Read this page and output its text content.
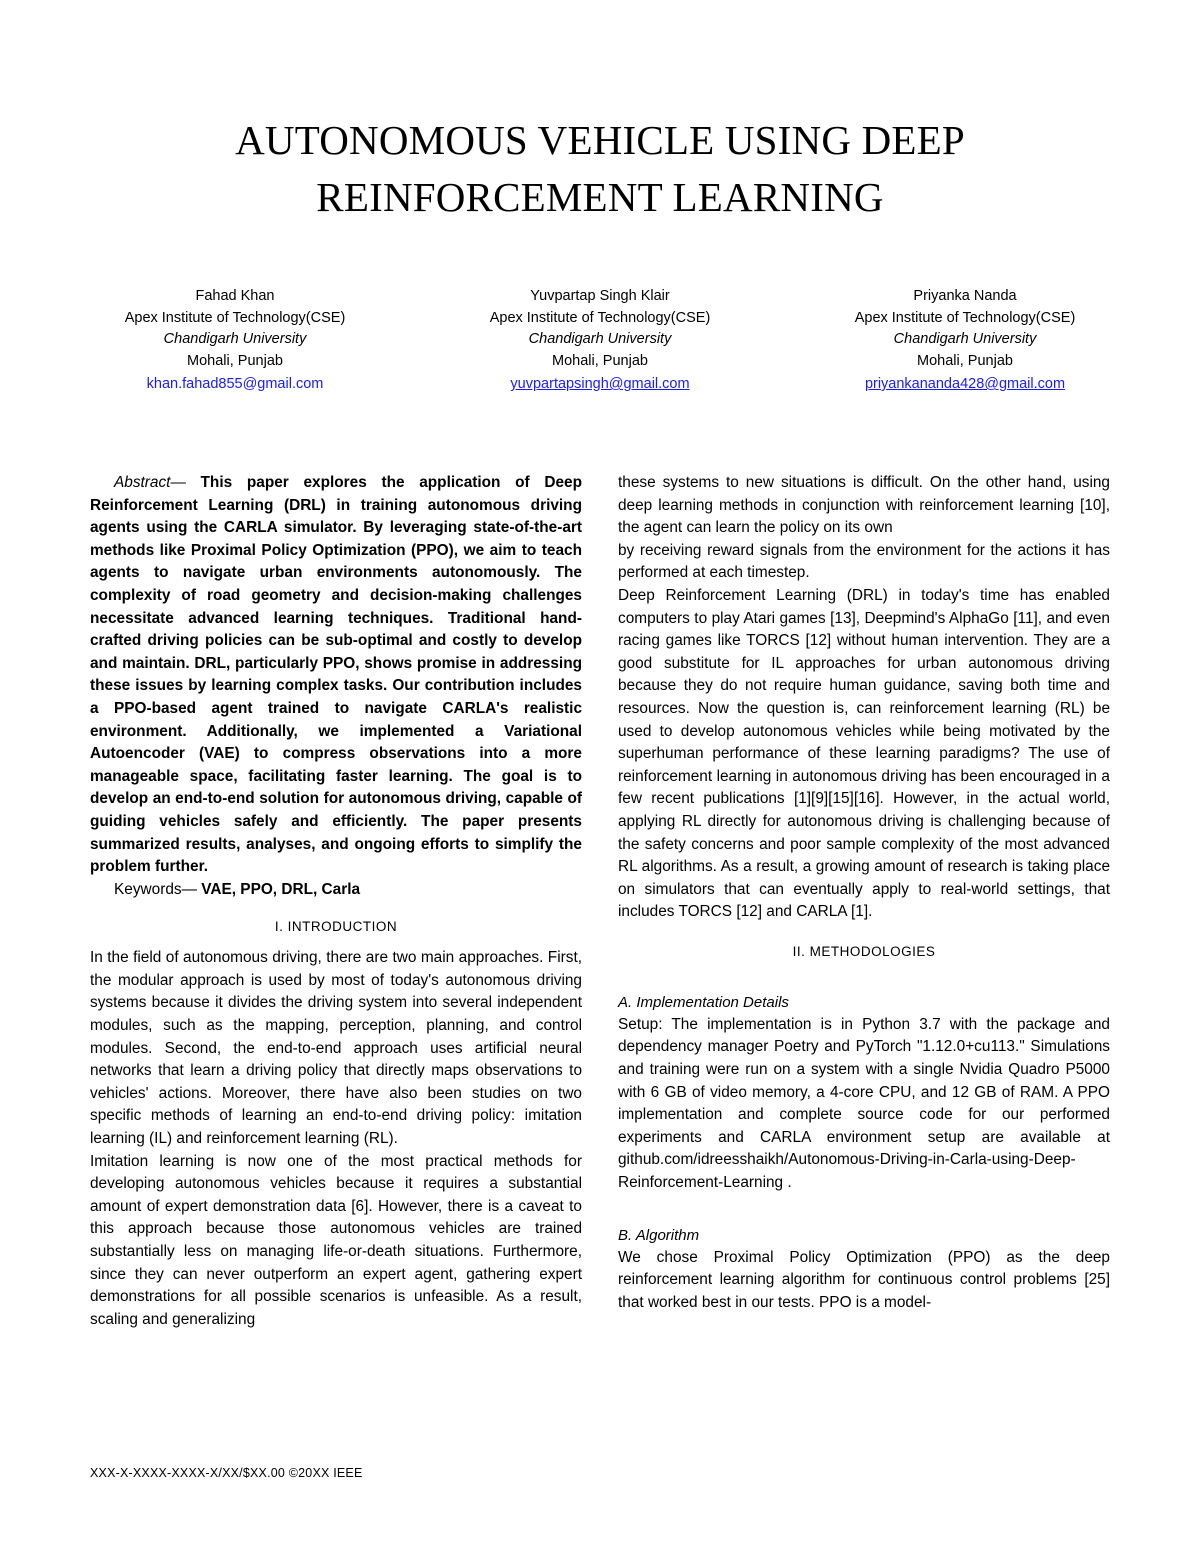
AUTONOMOUS VEHICLE USING DEEP REINFORCEMENT LEARNING
Fahad Khan
Apex Institute of Technology(CSE)
Chandigarh University
Mohali, Punjab
khan.fahad855@gmail.com
Yuvpartap Singh Klair
Apex Institute of Technology(CSE)
Chandigarh University
Mohali, Punjab
yuvpartapsingh@gmail.com
Priyanka Nanda
Apex Institute of Technology(CSE)
Chandigarh University
Mohali, Punjab
priyankananda428@gmail.com

Abstract— This paper explores the application of Deep Reinforcement Learning (DRL) in training autonomous driving agents using the CARLA simulator. By leveraging state-of-the-art methods like Proximal Policy Optimization (PPO), we aim to teach agents to navigate urban environments autonomously. The complexity of road geometry and decision-making challenges necessitate advanced learning techniques. Traditional hand-crafted driving policies can be sub-optimal and costly to develop and maintain. DRL, particularly PPO, shows promise in addressing these issues by learning complex tasks. Our contribution includes a PPO-based agent trained to navigate CARLA's realistic environment. Additionally, we implemented a Variational Autoencoder (VAE) to compress observations into a more manageable space, facilitating faster learning. The goal is to develop an end-to-end solution for autonomous driving, capable of guiding vehicles safely and efficiently. The paper presents summarized results, analyses, and ongoing efforts to simplify the problem further.

Keywords— VAE, PPO, DRL, Carla

I. INTRODUCTION

In the field of autonomous driving, there are two main approaches. First, the modular approach is used by most of today's autonomous driving systems because it divides the driving system into several independent modules, such as the mapping, perception, planning, and control modules. Second, the end-to-end approach uses artificial neural networks that learn a driving policy that directly maps observations to vehicles' actions. Moreover, there have also been studies on two specific methods of learning an end-to-end driving policy: imitation learning (IL) and reinforcement learning (RL).

Imitation learning is now one of the most practical methods for developing autonomous vehicles because it requires a substantial amount of expert demonstration data [6]. However, there is a caveat to this approach because those autonomous vehicles are trained substantially less on managing life-or-death situations. Furthermore, since they can never outperform an expert agent, gathering expert demonstrations for all possible scenarios is unfeasible. As a result, scaling and generalizing

these systems to new situations is difficult. On the other hand, using deep learning methods in conjunction with reinforcement learning [10], the agent can learn the policy on its own

by receiving reward signals from the environment for the actions it has performed at each timestep.

Deep Reinforcement Learning (DRL) in today's time has enabled computers to play Atari games [13], Deepmind's AlphaGo [11], and even racing games like TORCS [12] without human intervention. They are a good substitute for IL approaches for urban autonomous driving because they do not require human guidance, saving both time and resources. Now the question is, can reinforcement learning (RL) be used to develop autonomous vehicles while being motivated by the superhuman performance of these learning paradigms? The use of reinforcement learning in autonomous driving has been encouraged in a few recent publications [1][9][15][16]. However, in the actual world, applying RL directly for autonomous driving is challenging because of the safety concerns and poor sample complexity of the most advanced RL algorithms. As a result, a growing amount of research is taking place on simulators that can eventually apply to real-world settings, that includes TORCS [12] and CARLA [1].

II. METHODOLOGIES

A. Implementation Details

Setup: The implementation is in Python 3.7 with the package and dependency manager Poetry and PyTorch "1.12.0+cu113." Simulations and training were run on a system with a single Nvidia Quadro P5000 with 6 GB of video memory, a 4-core CPU, and 12 GB of RAM. A PPO implementation and complete source code for our performed experiments and CARLA environment setup are available at github.com/idreesshaikh/Autonomous-Driving-in-Carla-using-Deep-Reinforcement-Learning .

B. Algorithm

We chose Proximal Policy Optimization (PPO) as the deep reinforcement learning algorithm for continuous control problems [25] that worked best in our tests. PPO is a model-

XXX-X-XXXX-XXXX-X/XX/$XX.00 ©20XX IEEE
